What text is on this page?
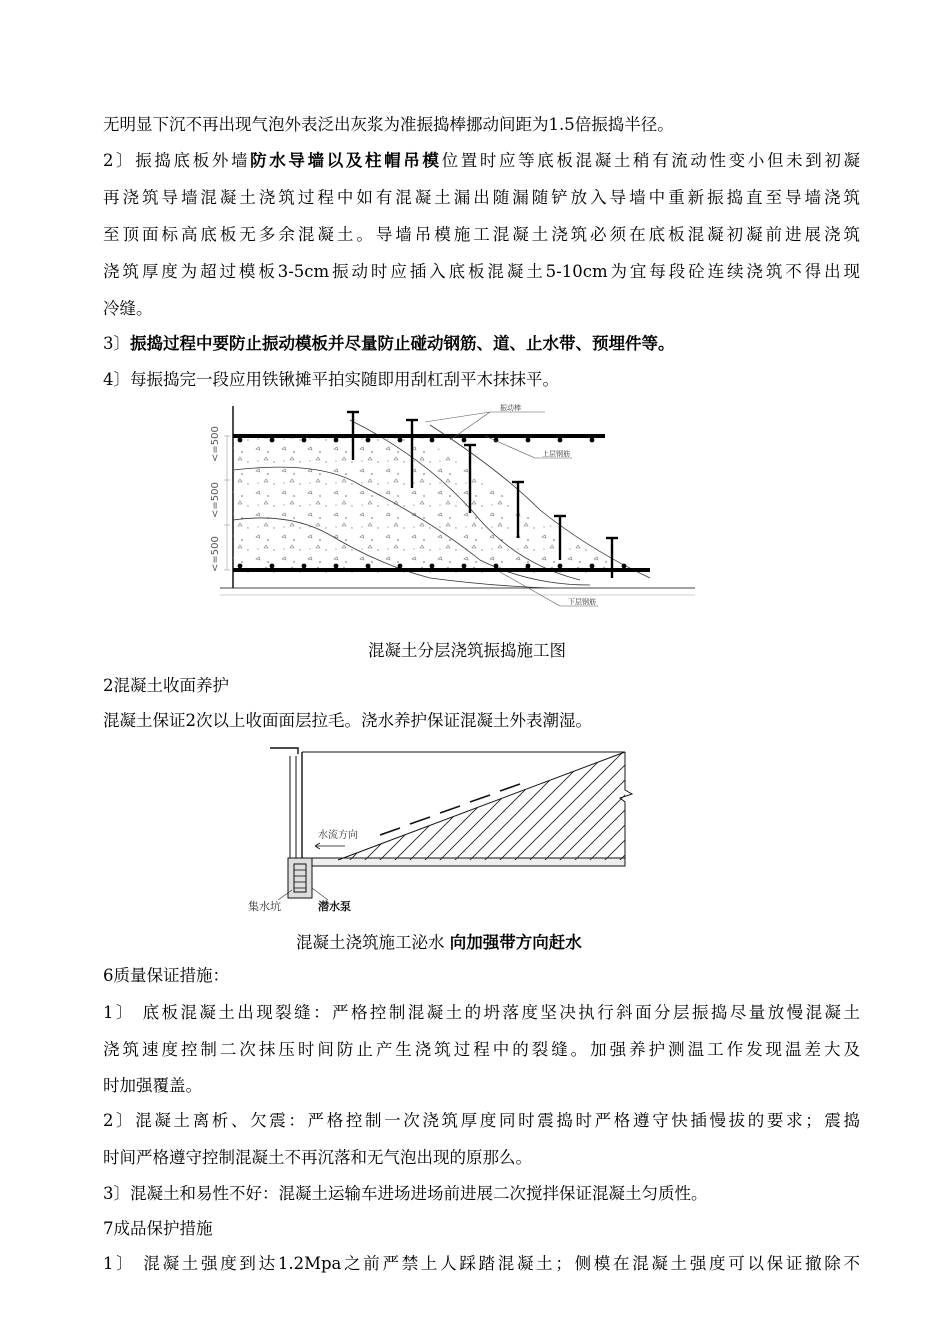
无明显下沉不再出现气泡外表泛出灰浆为准振捣棒挪动间距为1.5倍振捣半径。
2〕振捣底板外墙防水导墙以及柱帽吊模位置时应等底板混凝土稍有流动性变小但未到初凝
再浇筑导墙混凝土浇筑过程中如有混凝土漏出随漏随铲放入导墙中重新振捣直至导墙浇筑
至顶面标高底板无多余混凝土。导墙吊模施工混凝土浇筑必须在底板混凝初凝前进展浇筑
浇筑厚度为超过模板3-5cm振动时应插入底板混凝土5-10cm为宜每段砼连续浇筑不得出现
冷缝。
3〕振捣过程中要防止振动模板并尽量防止碰动钢筋、道、止水带、预埋件等。
4〕每振捣完一段应用铁锹摊平拍实随即用刮杠刮平木抹抹平。
振动棒
上层钢筋
下层钢筋
<=500
<=500
<=500
混凝土分层浇筑振捣施工图
2混凝土收面养护
混凝土保证2次以上收面面层拉毛。浇水养护保证混凝土外表潮湿。
水流方向
集水坑	潜水泵
混凝土浇筑施工泌水 向加强带方向赶水
6质量保证措施：
1〕 底板混凝土出现裂缝：严格控制混凝土的坍落度坚决执行斜面分层振捣尽量放慢混凝土
浇筑速度控制二次抹压时间防止产生浇筑过程中的裂缝。加强养护测温工作发现温差大及
时加强覆盖。
2〕混凝土离析、欠震：严格控制一次浇筑厚度同时震捣时严格遵守快插慢拔的要求；震捣
时间严格遵守控制混凝土不再沉落和无气泡出现的原那么。
3〕混凝土和易性不好：混凝土运输车进场进场前进展二次搅拌保证混凝土匀质性。
7成品保护措施
1〕 混凝土强度到达1.2Mpa之前严禁上人踩踏混凝土；侧模在混凝土强度可以保证撤除不
